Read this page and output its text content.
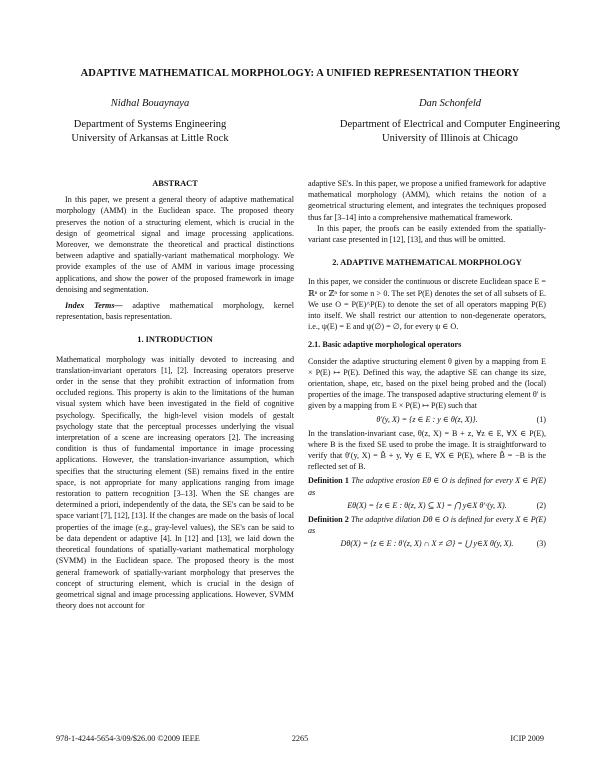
ADAPTIVE MATHEMATICAL MORPHOLOGY: A UNIFIED REPRESENTATION THEORY
Nidhal Bouaynaya
Department of Systems Engineering
University of Arkansas at Little Rock
Dan Schonfeld
Department of Electrical and Computer Engineering
University of Illinois at Chicago

ABSTRACT

In this paper, we present a general theory of adaptive mathematical morphology (AMM) in the Euclidean space. The proposed theory preserves the notion of a structuring element, which is crucial in the design of geometrical signal and image processing applications. Moreover, we demonstrate the theoretical and practical distinctions between adaptive and spatially-variant mathematical morphology. We provide examples of the use of AMM in various image processing applications, and show the power of the proposed framework in image denoising and segmentation.

Index Terms— adaptive mathematical morphology, kernel representation, basis representation.

1. INTRODUCTION

Mathematical morphology was initially devoted to increasing and translation-invariant operators [1], [2]. Increasing operators preserve order in the sense that they prohibit extraction of information from occluded regions. This property is akin to the limitations of the human visual system which have been investigated in the field of cognitive psychology. Specifically, the high-level vision models of gestalt psychology state that the perceptual processes underlying the visual interpretation of a scene are increasing operators [2]. The increasing condition is thus of fundamental importance in image processing applications. However, the translation-invariance assumption, which specifies that the structuring element (SE) remains fixed in the entire space, is not appropriate for many applications ranging from image restoration to pattern recognition [3–13]. When the SE changes are determined a priori, independently of the data, the SE's can be said to be space variant [7], [12], [13]. If the changes are made on the basis of local properties of the image (e.g., gray-level values), the SE's can be said to be data dependent or adaptive [4]. In [12] and [13], we laid down the theoretical foundations of spatially-variant mathematical morphology (SVMM) in the Euclidean space. The proposed theory is the most general framework of spatially-variant morphology that preserves the concept of structuring element, which is crucial in the design of geometrical signal and image processing applications. However, SVMM theory does not account for

adaptive SE's. In this paper, we propose a unified framework for adaptive mathematical morphology (AMM), which retains the notion of a geometrical structuring element, and integrates the techniques proposed thus far [3–14] into a comprehensive mathematical framework.

In this paper, the proofs can be easily extended from the spatially-variant case presented in [12], [13], and thus will be omitted.

2. ADAPTIVE MATHEMATICAL MORPHOLOGY

In this paper, we consider the continuous or discrete Euclidean space E = ℝⁿ or ℤⁿ for some n > 0. The set P(E) denotes the set of all subsets of E. We use O = P(E)^P(E) to denote the set of all operators mapping P(E) into itself. We shall restrict our attention to non-degenerate operators, i.e., ψ(E) = E and ψ(∅) = ∅, for every ψ ∈ O.

2.1. Basic adaptive morphological operators

Consider the adaptive structuring element θ given by a mapping from E × P(E) ↦ P(E). Defined this way, the adaptive SE can change its size, orientation, shape, etc, based on the pixel being probed and the (local) properties of the image. The transposed adaptive structuring element θ′ is given by a mapping from E × P(E) ↦ P(E) such that

θ′(y, X) = {z ∈ E : y ∈ θ(z, X)}.	(1)

In the translation-invariant case, θ(z, X) = B + z, ∀z ∈ E, ∀X ∈ P(E), where B is the fixed SE used to probe the image. It is straightforward to verify that θ′(y, X) = B̆ + y, ∀y ∈ E, ∀X ∈ P(E), where B̆ = −B is the reflected set of B.

Definition 1 The adaptive erosion Eθ ∈ O is defined for every X ∈ P(E) as

Eθ(X) = {z ∈ E : θ(z, X) ⊆ X} = ⋂ y∈X θ′ᶜ(y, X).	(2)

Definition 2 The adaptive dilation Dθ ∈ O is defined for every X ∈ P(E) as

Dθ(X) = {z ∈ E : θ′(z, X) ∩ X ≠ ∅} = ⋃ y∈X θ(y, X).	(3)
978-1-4244-5654-3/09/$26.00 ©2009 IEEE	2265	ICIP 2009
